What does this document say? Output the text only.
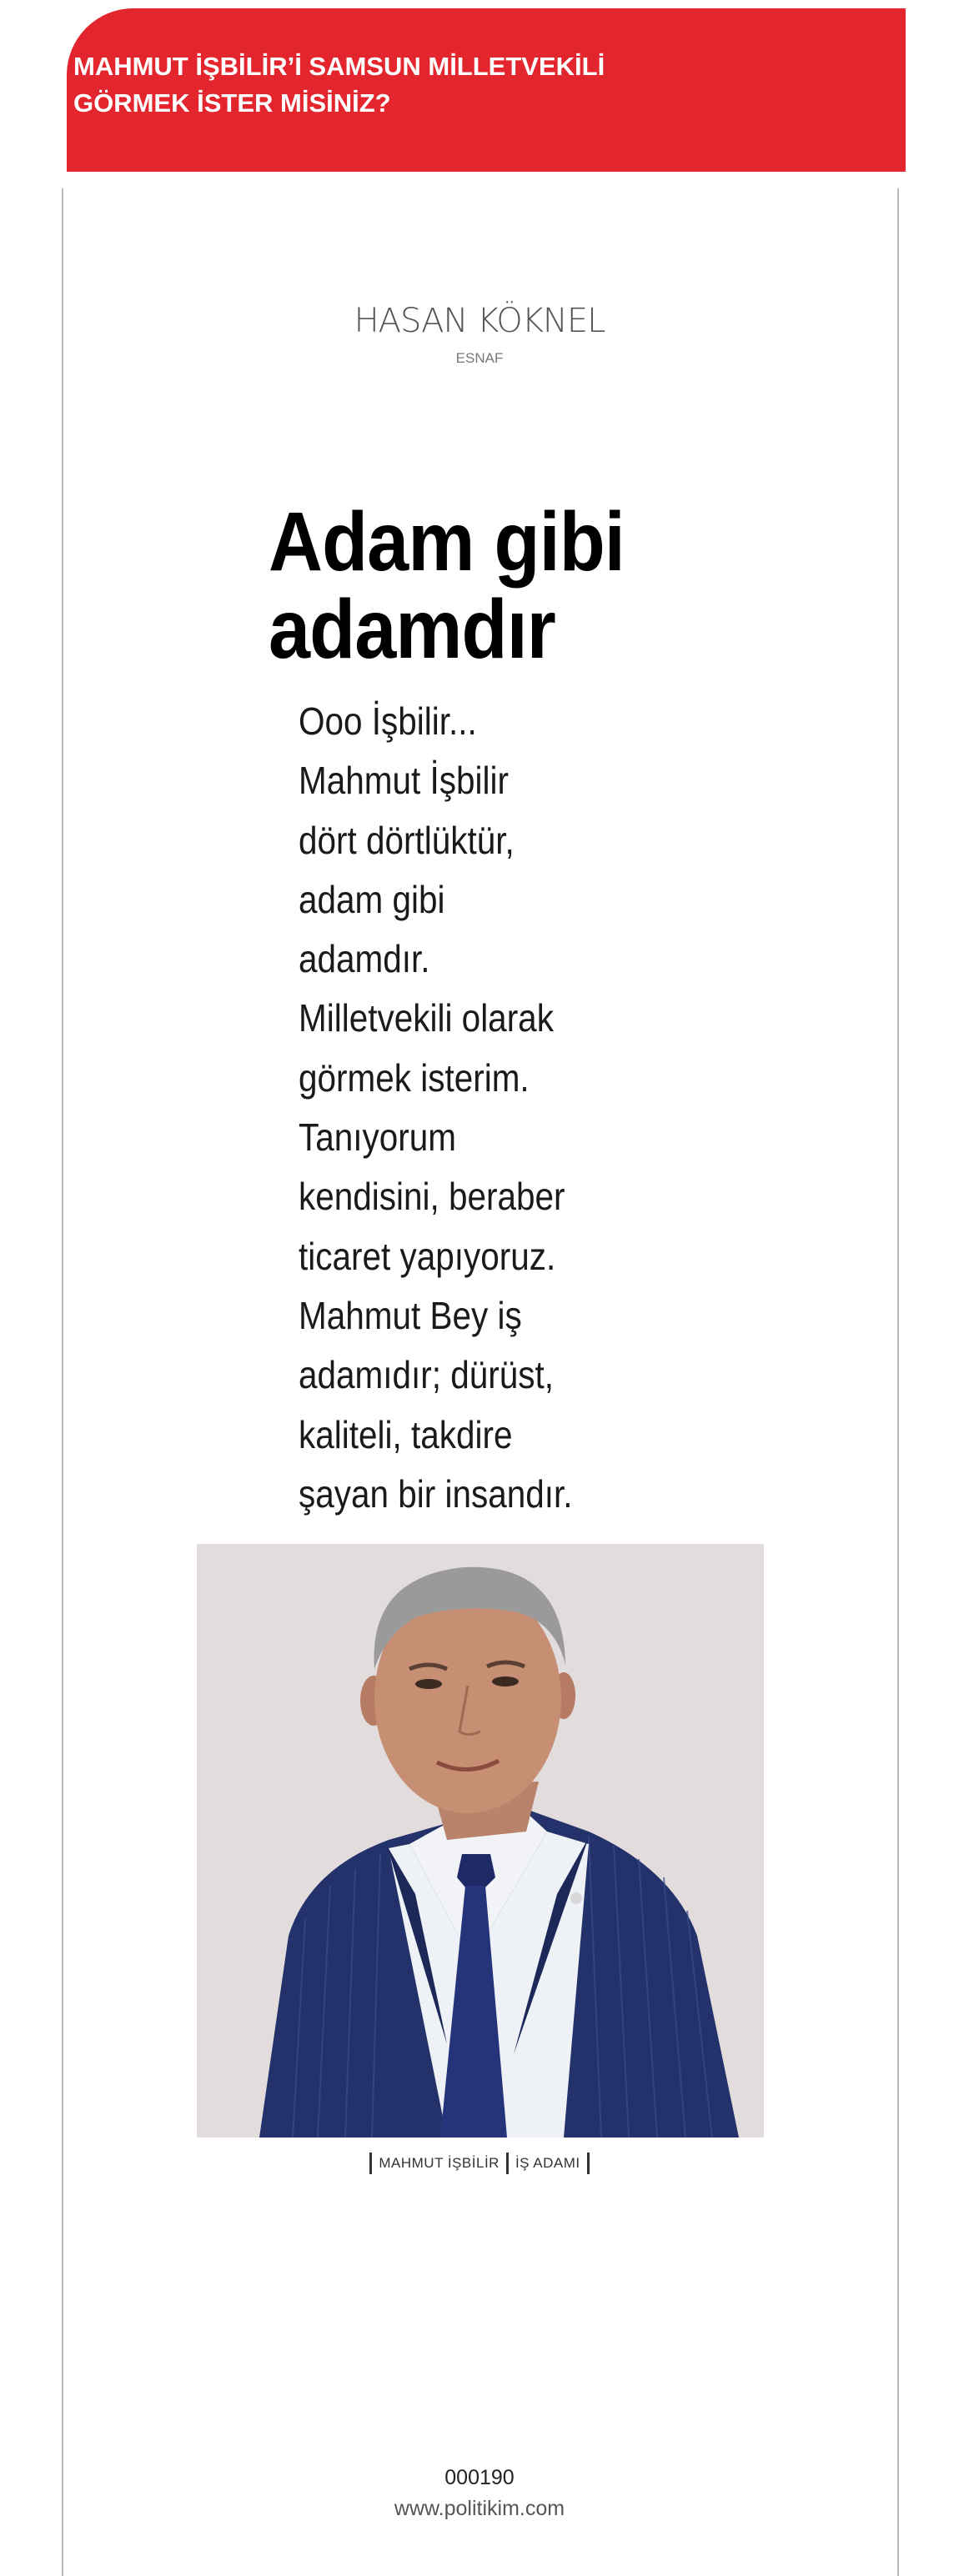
MAHMUT İŞBİLİR’İ SAMSUN MİLLETVEKİLİ
GÖRMEK İSTER MİSİNİZ?
HASAN KÖKNEL
ESNAF
Adam gibi
adamdır
Ooo İşbilir...
Mahmut İşbilir
dört dörtlüktür,
adam gibi
adamdır.
Milletvekili olarak
görmek isterim.
Tanıyorum
kendisini, beraber
ticaret yapıyoruz.
Mahmut Bey iş
adamıdır; dürüst,
kaliteli, takdire
şayan bir insandır.
MAHMUT İŞBİLİR İŞ ADAMI
000190
www.politikim.com
